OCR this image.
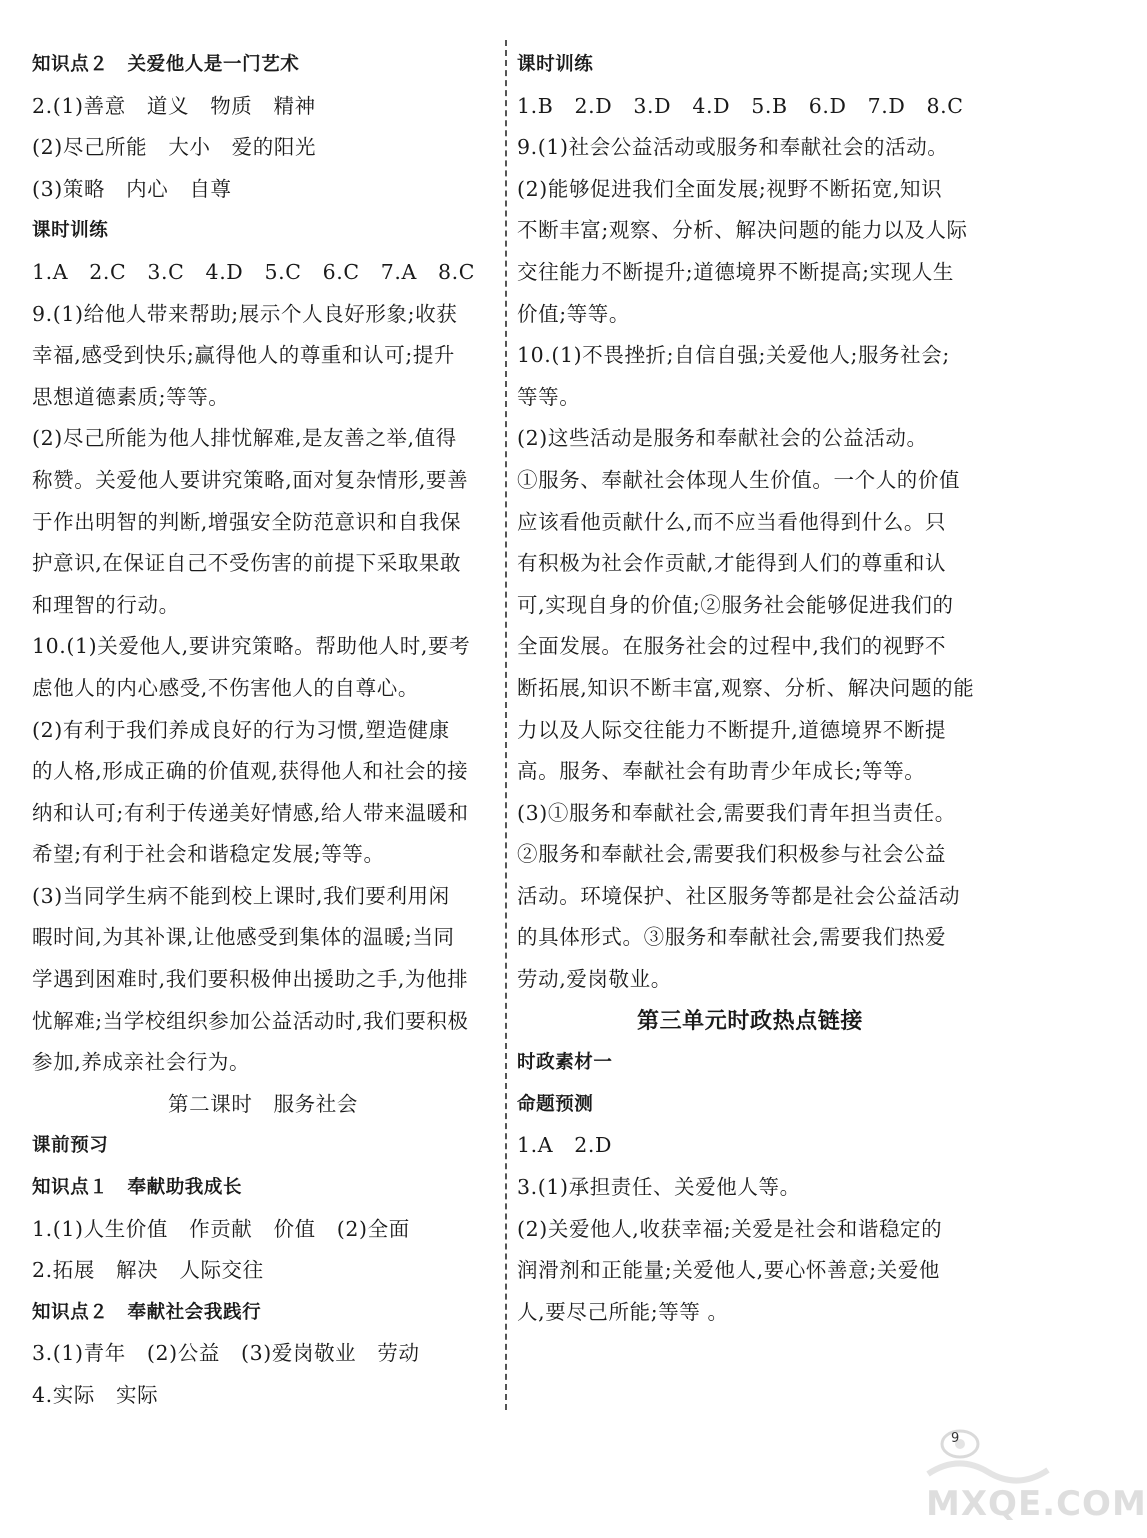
知识点２　关爱他人是一门艺术
2.(1)善意　道义　物质　精神
(2)尽己所能　大小　爱的阳光
(3)策略　内心　自尊
课时训练
1.A　2.C　3.C　4.D　5.C　6.C　7.A　8.C
9.(1)给他人带来帮助;展示个人良好形象;收获
幸福,感受到快乐;赢得他人的尊重和认可;提升
思想道德素质;等等。
(2)尽己所能为他人排忧解难,是友善之举,值得
称赞。关爱他人要讲究策略,面对复杂情形,要善
于作出明智的判断,增强安全防范意识和自我保
护意识,在保证自己不受伤害的前提下采取果敢
和理智的行动。
10.(1)关爱他人,要讲究策略。帮助他人时,要考
虑他人的内心感受,不伤害他人的自尊心。
(2)有利于我们养成良好的行为习惯,塑造健康
的人格,形成正确的价值观,获得他人和社会的接
纳和认可;有利于传递美好情感,给人带来温暖和
希望;有利于社会和谐稳定发展;等等。
(3)当同学生病不能到校上课时,我们要利用闲
暇时间,为其补课,让他感受到集体的温暖;当同
学遇到困难时,我们要积极伸出援助之手,为他排
忧解难;当学校组织参加公益活动时,我们要积极
参加,养成亲社会行为。
第二课时　服务社会
课前预习
知识点１　奉献助我成长
1.(1)人生价值　作贡献　价值　(2)全面
2.拓展　解决　人际交往
知识点２　奉献社会我践行
3.(1)青年　(2)公益　(3)爱岗敬业　劳动
4.实际　实际
课时训练
1.B　2.D　3.D　4.D　5.B　6.D　7.D　8.C
9.(1)社会公益活动或服务和奉献社会的活动。
(2)能够促进我们全面发展;视野不断拓宽,知识
不断丰富;观察、分析、解决问题的能力以及人际
交往能力不断提升;道德境界不断提高;实现人生
价值;等等。
10.(1)不畏挫折;自信自强;关爱他人;服务社会;
等等。
(2)这些活动是服务和奉献社会的公益活动。
①服务、奉献社会体现人生价值。一个人的价值
应该看他贡献什么,而不应当看他得到什么。只
有积极为社会作贡献,才能得到人们的尊重和认
可,实现自身的价值;②服务社会能够促进我们的
全面发展。在服务社会的过程中,我们的视野不
断拓展,知识不断丰富,观察、分析、解决问题的能
力以及人际交往能力不断提升,道德境界不断提
高。服务、奉献社会有助青少年成长;等等。
(3)①服务和奉献社会,需要我们青年担当责任。
②服务和奉献社会,需要我们积极参与社会公益
活动。环境保护、社区服务等都是社会公益活动
的具体形式。③服务和奉献社会,需要我们热爱
劳动,爱岗敬业。
第三单元时政热点链接
时政素材一
命题预测
1.A　2.D
3.(1)承担责任、关爱他人等。
(2)关爱他人,收获幸福;关爱是社会和谐稳定的
润滑剂和正能量;关爱他人,要心怀善意;关爱他
人,要尽己所能;等等 。
MXQE.COM
9
